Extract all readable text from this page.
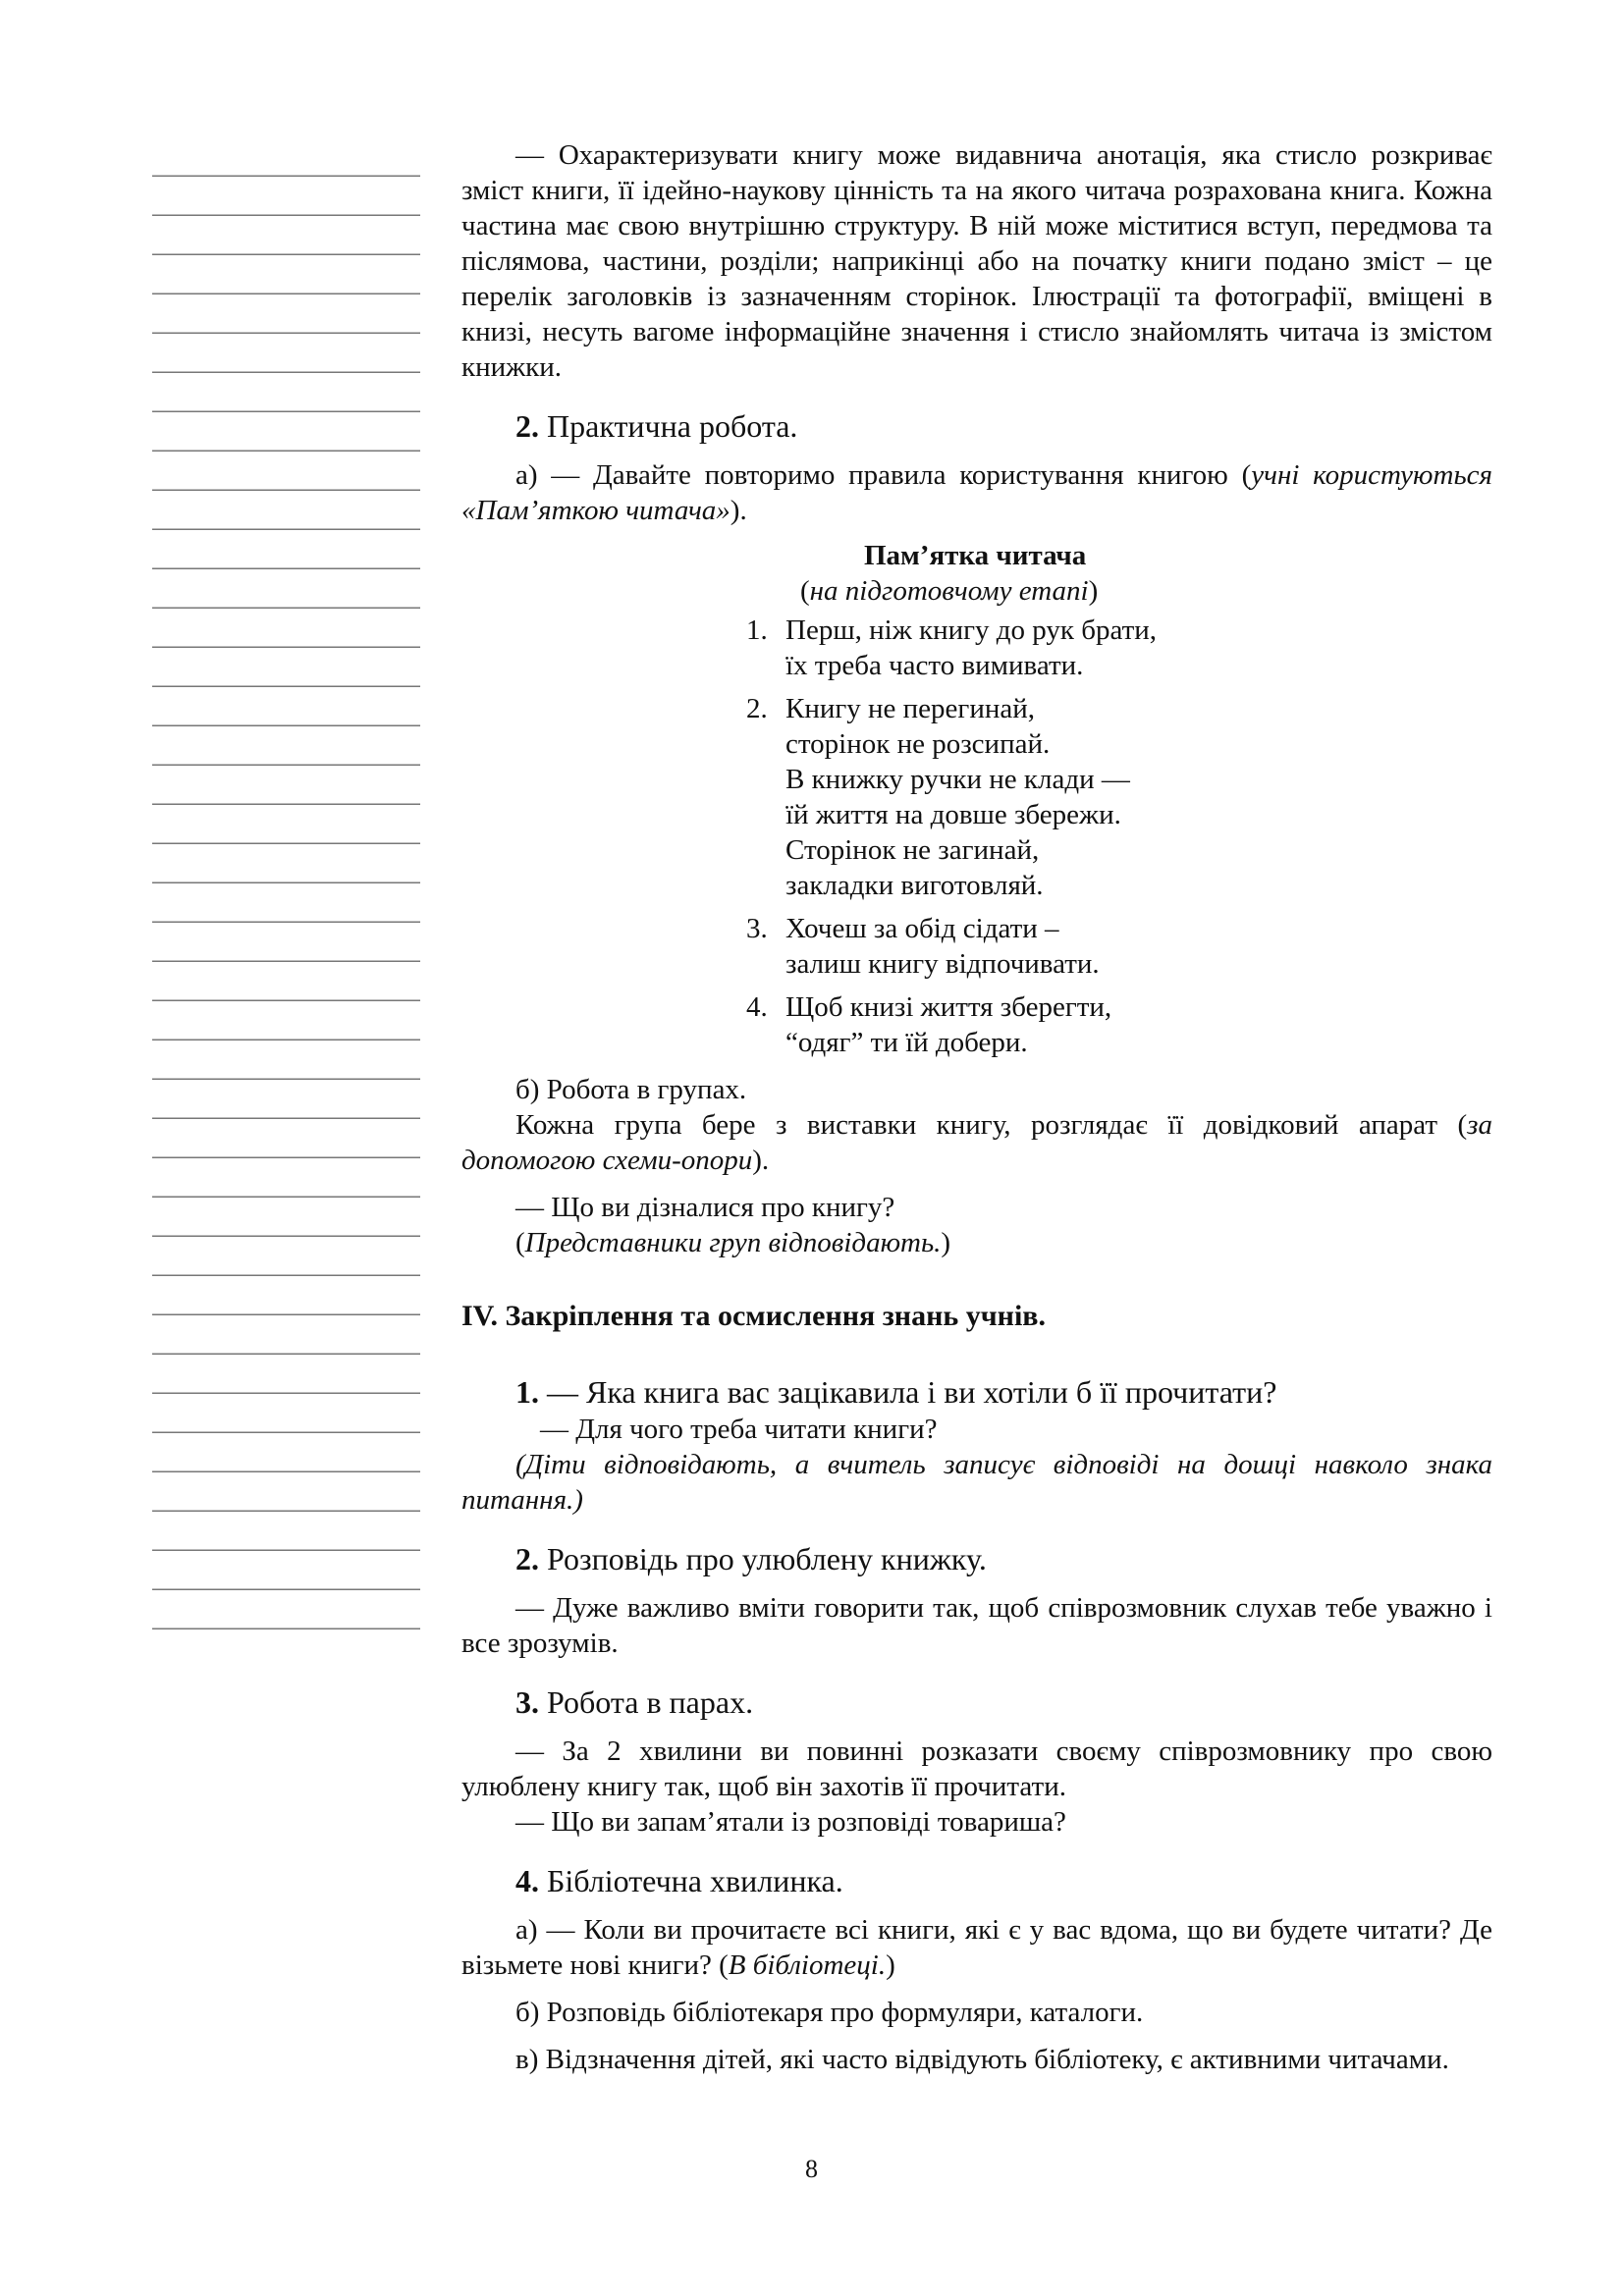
— Охарактеризувати книгу може видавнича анотація, яка стисло розкриває зміст книги, її ідейно-наукову цінність та на якого читача розрахована книга. Кожна частина має свою внутрішню структуру. В ній може міститися вступ, передмова та післямова, частини, розділи; наприкінці або на початку книги подано зміст – це перелік заголовків із зазначенням сторінок. Ілюстрації та фотографії, вміщені в книзі, несуть вагоме інформаційне значення і стисло знайомлять читача із змістом книжки.

2. Практична робота.

а) — Давайте повторимо правила користування книгою (учні користуються «Пам’яткою читача»).

Пам’ятка читача

(на підготовчому етапі)

1. Перш, ніж книгу до рук брати,
їх треба часто вимивати.
2. Книгу не перегинай,
сторінок не розсипай.
В книжку ручки не клади —
їй життя на довше збережи.
Сторінок не загинай,
закладки виготовляй.
3. Хочеш за обід сідати –
залиш книгу відпочивати.
4. Щоб книзі життя зберегти,
“одяг” ти їй добери.

б) Робота в групах.

Кожна група бере з виставки книгу, розглядає її довідковий апарат (за допомогою схеми-опори).

— Що ви дізналися про книгу?

(Представники груп відповідають.)

IV. Закріплення та осмислення знань учнів.

1. — Яка книга вас зацікавила і ви хотіли б її прочитати?

— Для чого треба читати книги?

(Діти відповідають, а вчитель записує відповіді на дошці навколо знака питання.)

2. Розповідь про улюблену книжку.

— Дуже важливо вміти говорити так, щоб співрозмовник слухав тебе уважно і все зрозумів.

3. Робота в парах.

— За 2 хвилини ви повинні розказати своєму співрозмовнику про свою улюблену книгу так, щоб він захотів її прочитати.

— Що ви запам’ятали із розповіді товариша?

4. Бібліотечна хвилинка.

а) — Коли ви прочитаєте всі книги, які є у вас вдома, що ви будете читати? Де візьмете нові книги? (В бібліотеці.)

б) Розповідь бібліотекаря про формуляри, каталоги.

в) Відзначення дітей, які часто відвідують бібліотеку, є активними читачами.

8
